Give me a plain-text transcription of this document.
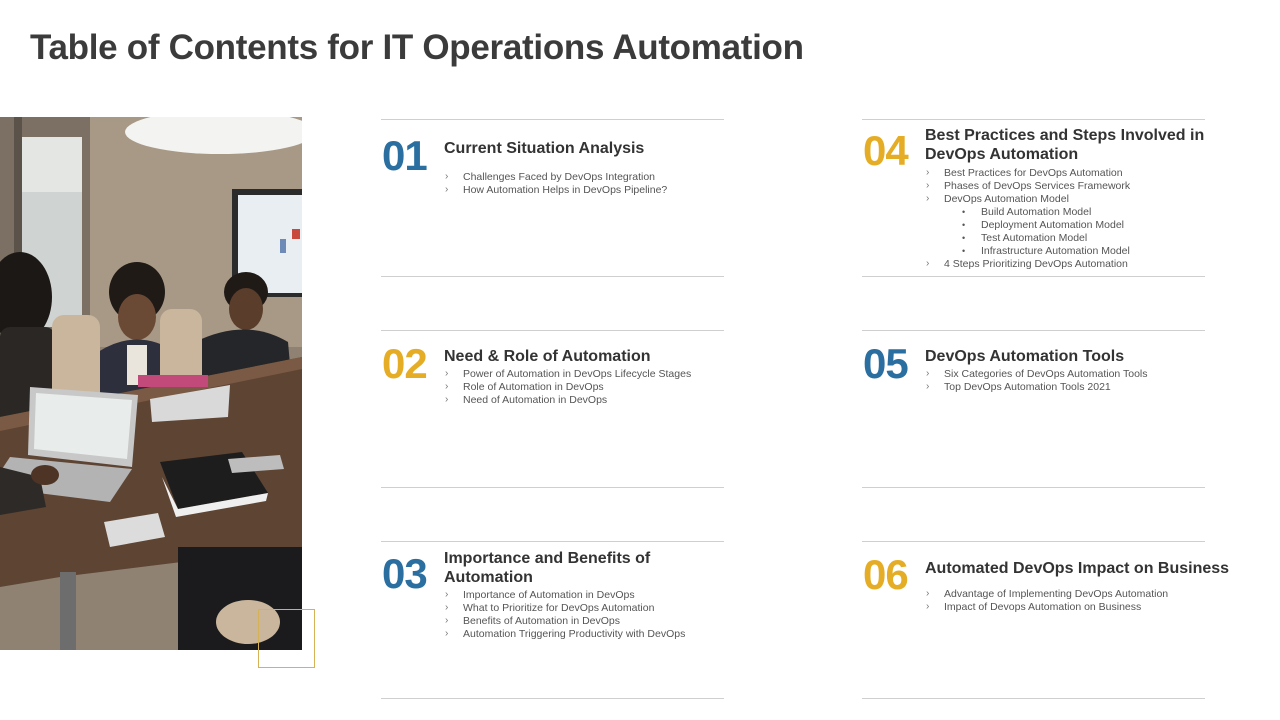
Table of Contents for IT Operations Automation
01 Current Situation Analysis
› Challenges Faced by DevOps Integration
› How Automation Helps in DevOps Pipeline?
02 Need & Role of Automation
› Power of Automation in DevOps Lifecycle Stages
› Role of Automation in DevOps
› Need of Automation in DevOps
03 Importance and Benefits of Automation
› Importance of Automation in DevOps
› What to Prioritize for DevOps Automation
› Benefits of Automation in DevOps
› Automation Triggering Productivity with DevOps
04 Best Practices and Steps Involved in DevOps Automation
› Best Practices for DevOps Automation
› Phases of DevOps Services Framework
› DevOps Automation Model
• Build Automation Model
• Deployment Automation Model
• Test Automation Model
• Infrastructure Automation Model
› 4 Steps Prioritizing DevOps Automation
05 DevOps Automation Tools
› Six Categories of DevOps Automation Tools
› Top DevOps Automation Tools 2021
06 Automated DevOps Impact on Business
› Advantage of Implementing DevOps Automation
› Impact of Devops Automation on Business
